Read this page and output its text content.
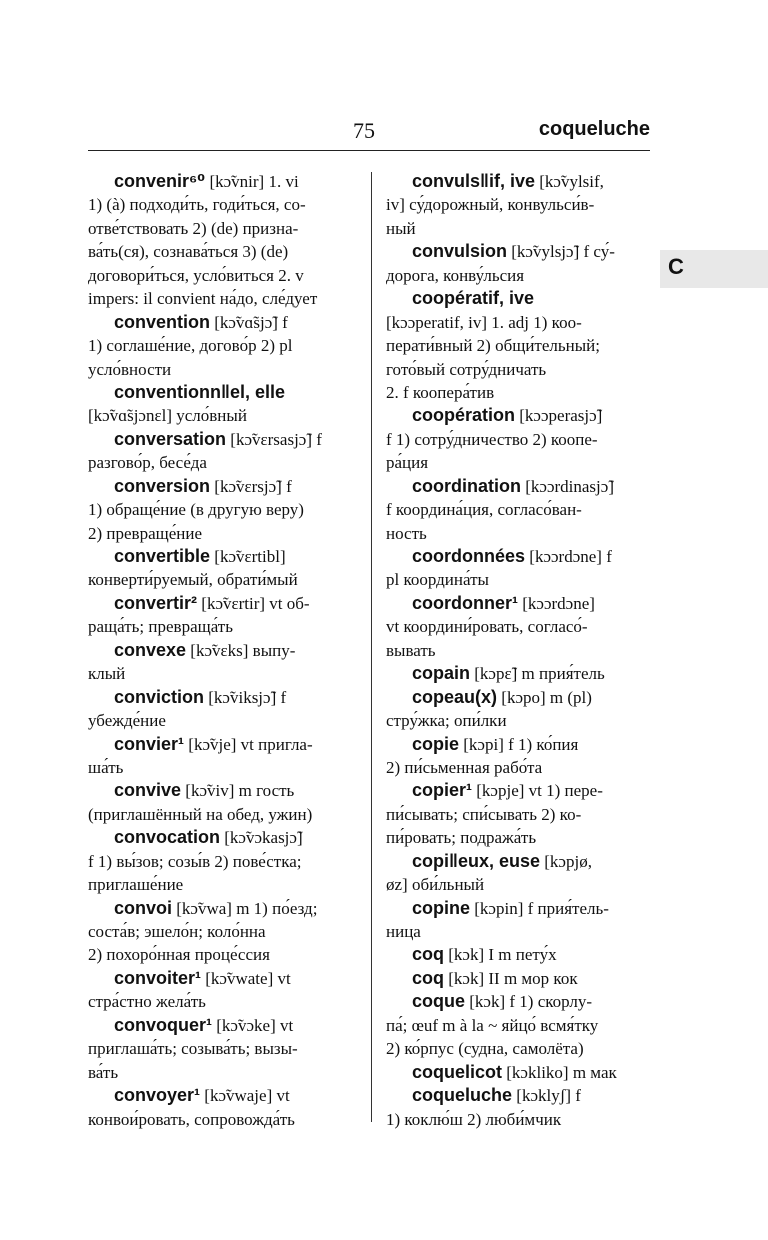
75	coqueluche
convenir⁶⁰ [kɔ̃vnir] 1. vi
1) (à) подходи́ть, годи́ться, со-
отве́тствовать 2) (de) призна-
ва́ть(ся), сознава́ться 3) (de)
договори́ться, усло́виться 2. v
impers: il convient на́до, сле́дует
convention [kɔ̃vɑ̃sjɔ̃] f
1) соглаше́ние, догово́р 2) pl
усло́вности
conventionn‖el, elle
[kɔ̃vɑ̃sjɔnɛl] усло́вный
conversation [kɔ̃vɛrsasjɔ̃] f
разгово́р, бесе́да
conversion [kɔ̃vɛrsjɔ̃] f
1) обраще́ние (в другую веру)
2) превраще́ние
convertible [kɔ̃vɛrtibl]
конверти́руемый, обрати́мый
convertir² [kɔ̃vɛrtir] vt об-
раща́ть; превраща́ть
convexe [kɔ̃vɛks] выпу-
клый
conviction [kɔ̃viksjɔ̃] f
убежде́ние
convier¹ [kɔ̃vje] vt пригла-
ша́ть
convive [kɔ̃viv] m гость
(приглашённый на обед, ужин)
convocation [kɔ̃vɔkasjɔ̃]
f 1) вы́зов; созы́в 2) пове́стка;
приглаше́ние
convoi [kɔ̃vwa] m 1) по́езд;
соста́в; эшело́н; коло́нна
2) похоро́нная проце́ссия
convoiter¹ [kɔ̃vwate] vt
стра́стно жела́ть
convoquer¹ [kɔ̃vɔke] vt
приглаша́ть; созыва́ть; вызы-
ва́ть
convoyer¹ [kɔ̃vwaje] vt
конвои́ровать, сопровожда́ть
convuls‖if, ive [kɔ̃vylsif,
iv] су́дорожный, конвульси́в-
ный
convulsion [kɔ̃vylsjɔ̃] f су́-
дорога, конву́льсия
coopératif, ive
[kɔɔperatif, iv] 1. adj 1) коо-
перати́вный 2) общи́тельный;
гото́вый сотру́дничать
2. f коопера́тив
coopération [kɔɔperasjɔ̃]
f 1) сотру́дничество 2) коопе-
ра́ция
coordination [kɔɔrdinasjɔ̃]
f координа́ция, согласо́ван-
ность
coordonnées [kɔɔrdɔne] f
pl координа́ты
coordonner¹ [kɔɔrdɔne]
vt координи́ровать, согласо́-
вывать
copain [kɔpɛ̃] m прия́тель
copeau(x) [kɔpo] m (pl)
стру́жка; опи́лки
copie [kɔpi] f 1) ко́пия
2) пи́сьменная рабо́та
copier¹ [kɔpje] vt 1) пере-
пи́сывать; спи́сывать 2) ко-
пи́ровать; подража́ть
copi‖eux, euse [kɔpjø,
øz] оби́льный
copine [kɔpin] f прия́тель-
ница
coq [kɔk] I m пету́х
coq [kɔk] II m мор кок
coque [kɔk] f 1) скорлу-
па́; œuf m à la ~ яйцо́ всмя́тку
2) ко́рпус (судна, самолёта)
coquelicot [kɔkliko] m мак
coqueluche [kɔklyʃ] f
1) коклю́ш 2) люби́мчик
C
